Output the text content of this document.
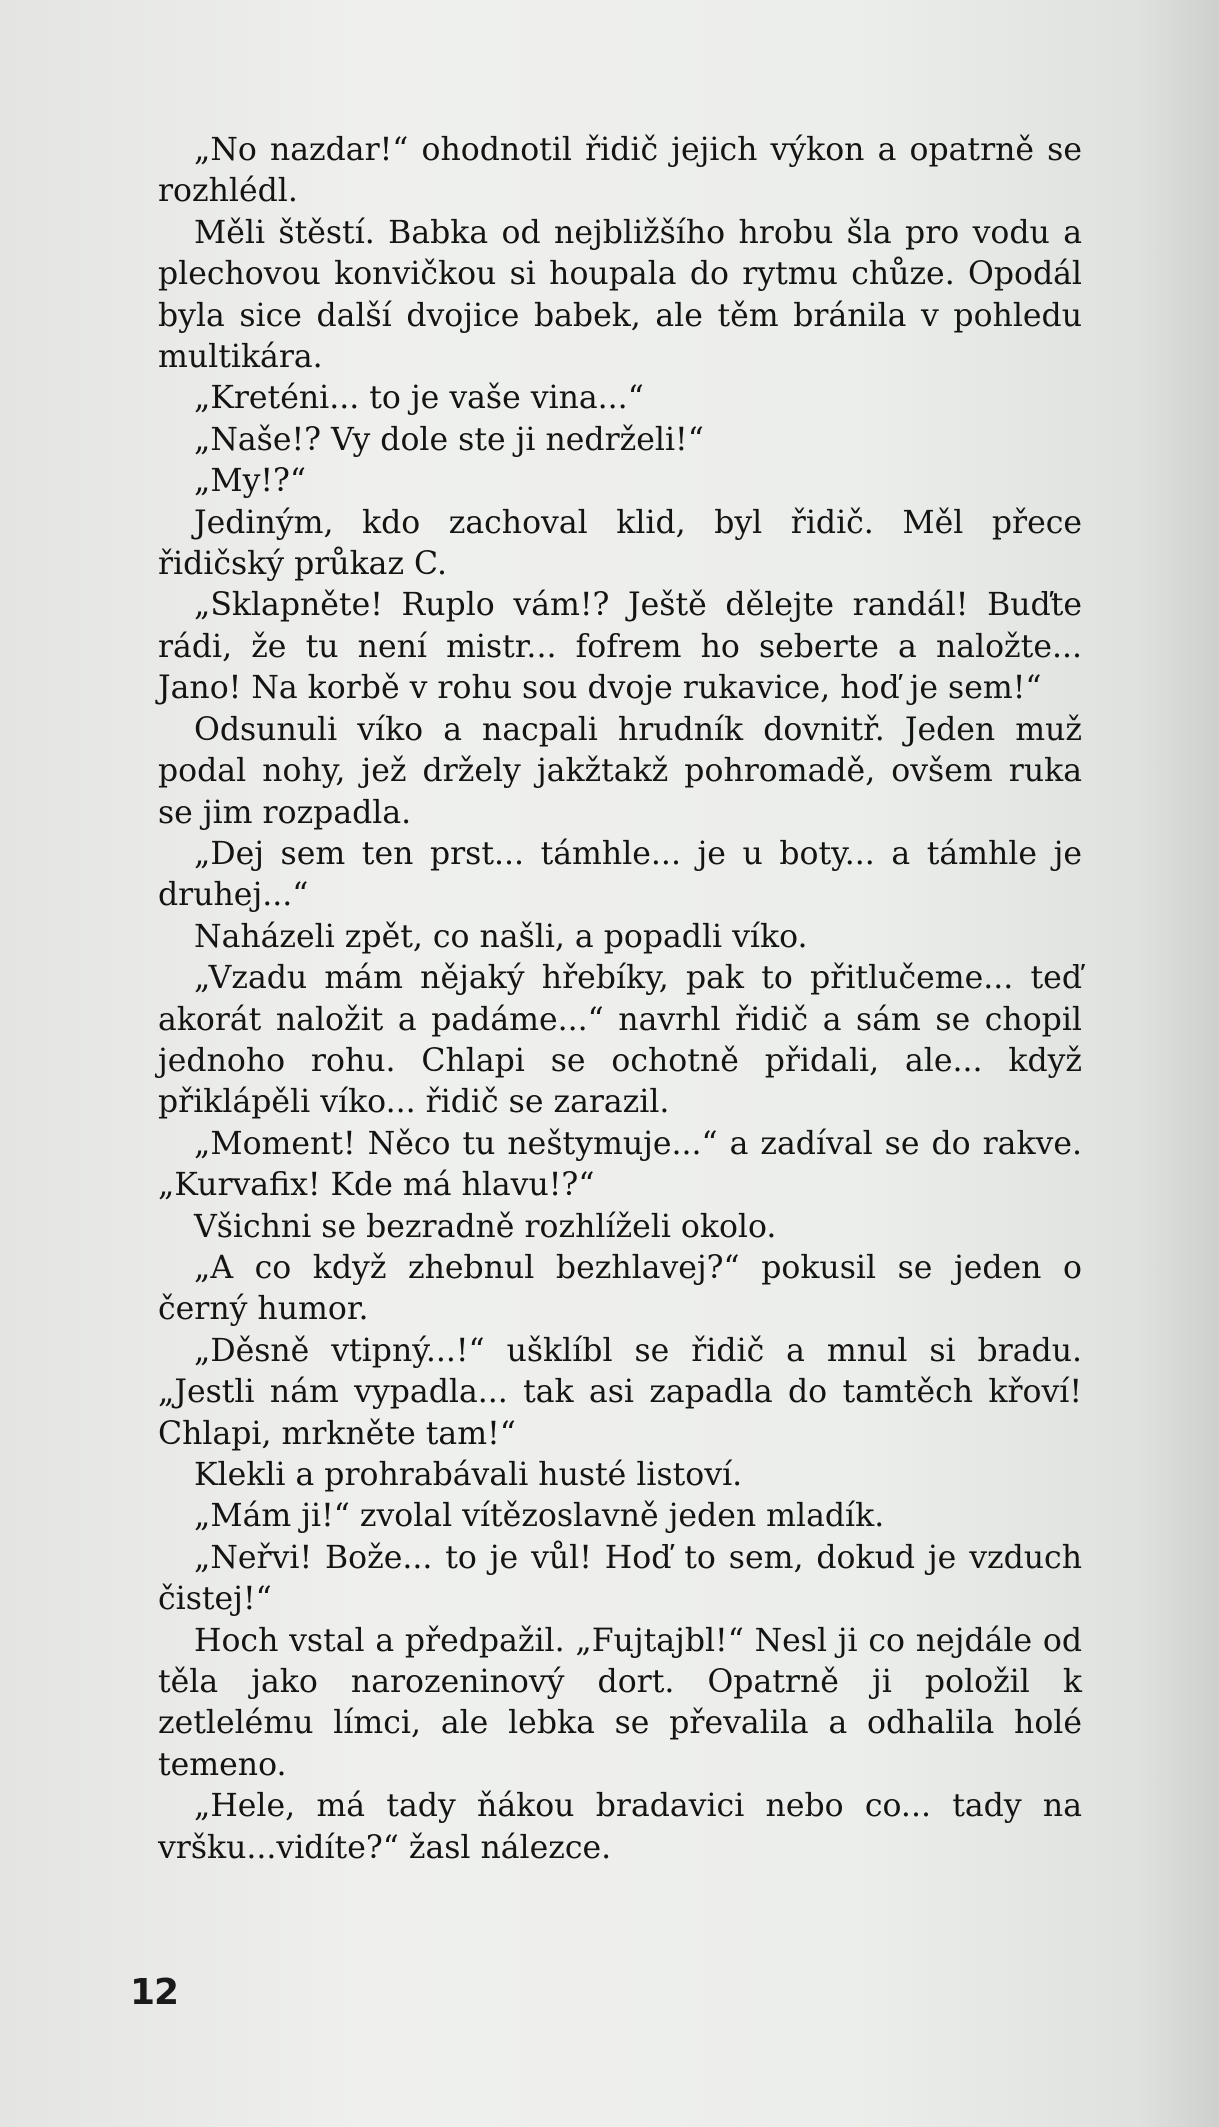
„No nazdar!“ ohodnotil řidič jejich výkon a opatrně se rozhlédl.

Měli štěstí. Babka od nejbližšího hrobu šla pro vodu a plechovou konvičkou si houpala do rytmu chůze. Opodál byla sice další dvojice babek, ale těm bránila v pohledu multikára.

„Kreténi... to je vaše vina...“

„Naše!? Vy dole ste ji nedrželi!“

„My!?“

Jediným, kdo zachoval klid, byl řidič. Měl přece řidičský průkaz C.

„Sklapněte! Ruplo vám!? Ještě dělejte randál! Buďte rádi, že tu není mistr... fofrem ho seberte a naložte... Jano! Na korbě v rohu sou dvoje rukavice, hoď je sem!“

Odsunuli víko a nacpali hrudník dovnitř. Jeden muž podal nohy, jež držely jakžtakž pohromadě, ovšem ruka se jim rozpadla.

„Dej sem ten prst... támhle... je u boty... a támhle je druhej...“

Naházeli zpět, co našli, a popadli víko.

„Vzadu mám nějaký hřebíky, pak to přitlučeme... teď akorát naložit a padáme...“ navrhl řidič a sám se chopil jednoho rohu. Chlapi se ochotně přidali, ale... když přiklápěli víko... řidič se zarazil.

„Moment! Něco tu neštymuje...“ a zadíval se do rakve. „Kurvafix! Kde má hlavu!?“

Všichni se bezradně rozhlíželi okolo.

„A co když zhebnul bezhlavej?“ pokusil se jeden o černý humor.

„Děsně vtipný...!“ ušklíbl se řidič a mnul si bradu. „Jestli nám vypadla... tak asi zapadla do tamtěch křoví! Chlapi, mrkněte tam!“

Klekli a prohrabávali husté listoví.

„Mám ji!“ zvolal vítězoslavně jeden mladík.

„Neřvi! Bože... to je vůl! Hoď to sem, dokud je vzduch čistej!“

Hoch vstal a předpažil. „Fujtajbl!“ Nesl ji co nejdále od těla jako narozeninový dort. Opatrně ji položil k zetlelému límci, ale lebka se převalila a odhalila holé temeno.

„Hele, má tady ňákou bradavici nebo co... tady na vršku...vidíte?“ žasl nálezce.

12
